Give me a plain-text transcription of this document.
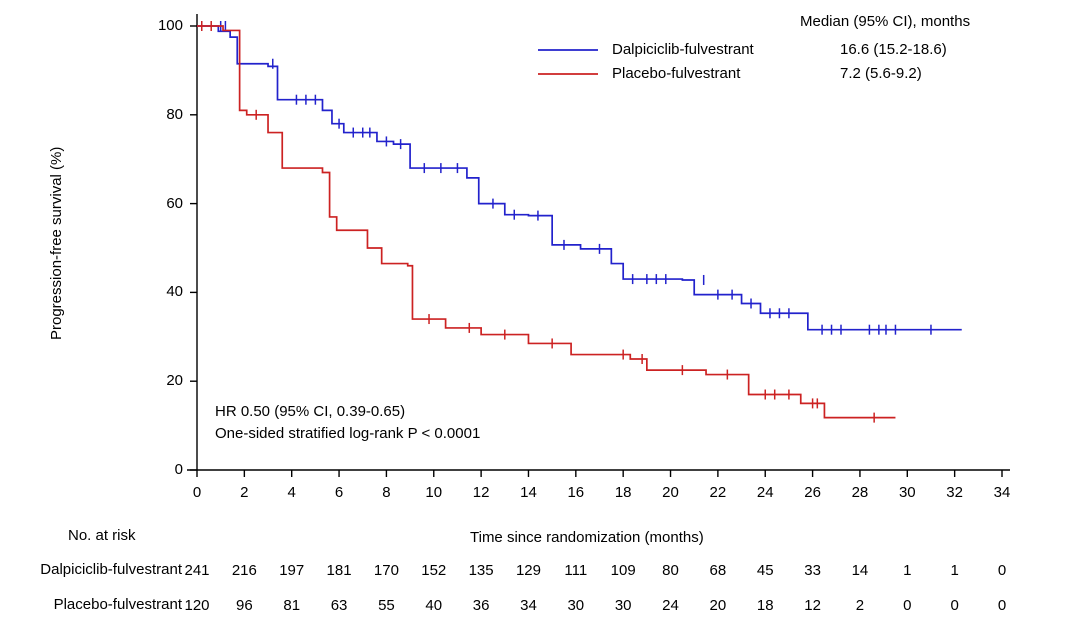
0
20
40
60
80
100
0	2	4	6	8	10	12	14	16	18	20	22	24	26	28	30	32	34
Time since randomization (months)
Progression-free survival (%)
Median (95% CI), months
Dalpiciclib-fulvestrant	16.6 (15.2-18.6)
Placebo-fulvestrant	7.2 (5.6-9.2)
HR 0.50 (95% CI, 0.39-0.65)
One-sided stratified log-rank P < 0.0001
No. at risk
Dalpiciclib-fulvestrant 241	216	197	181	170	152	135	129	111	109	80	68	45	33	14	1	1	0
Placebo-fulvestrant 120	96	81	63	55	40	36	34	30	30	24	20	18	12	2	0	0	0
